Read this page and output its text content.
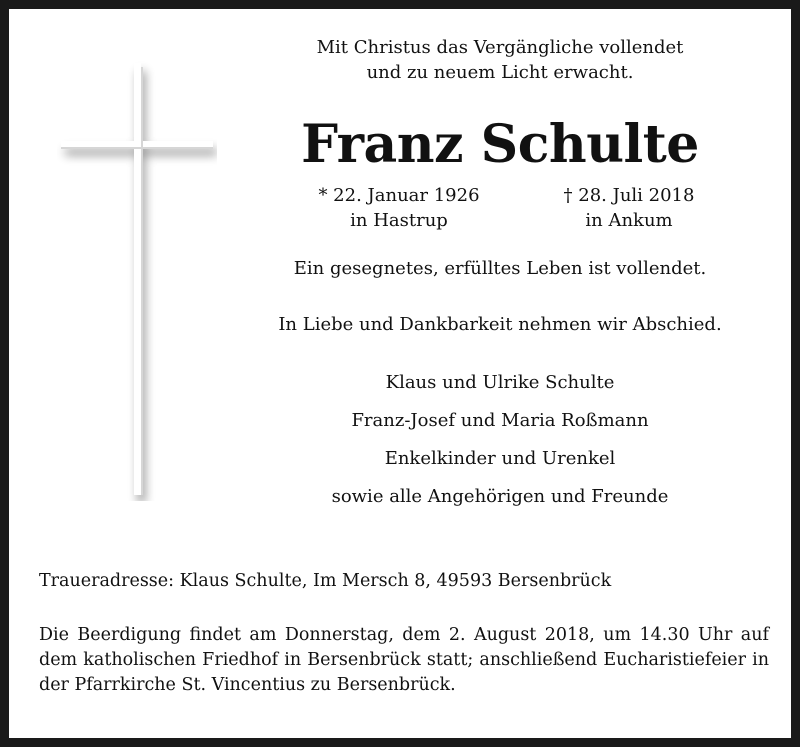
Mit Christus das Vergängliche vollendet
und zu neuem Licht erwacht.
Franz Schulte
* 22. Januar 1926
in Hastrup
† 28. Juli 2018
in Ankum
Ein gesegnetes, erfülltes Leben ist vollendet.
In Liebe und Dankbarkeit nehmen wir Abschied.
Klaus und Ulrike Schulte
Franz-Josef und Maria Roßmann
Enkelkinder und Urenkel
sowie alle Angehörigen und Freunde
Traueradresse: Klaus Schulte, Im Mersch 8, 49593 Bersenbrück
Die Beerdigung findet am Donnerstag, dem 2. August 2018, um 14.30 Uhr auf
dem katholischen Friedhof in Bersenbrück statt; anschließend Eucharistiefeier in
der Pfarrkirche St. Vincentius zu Bersenbrück.
